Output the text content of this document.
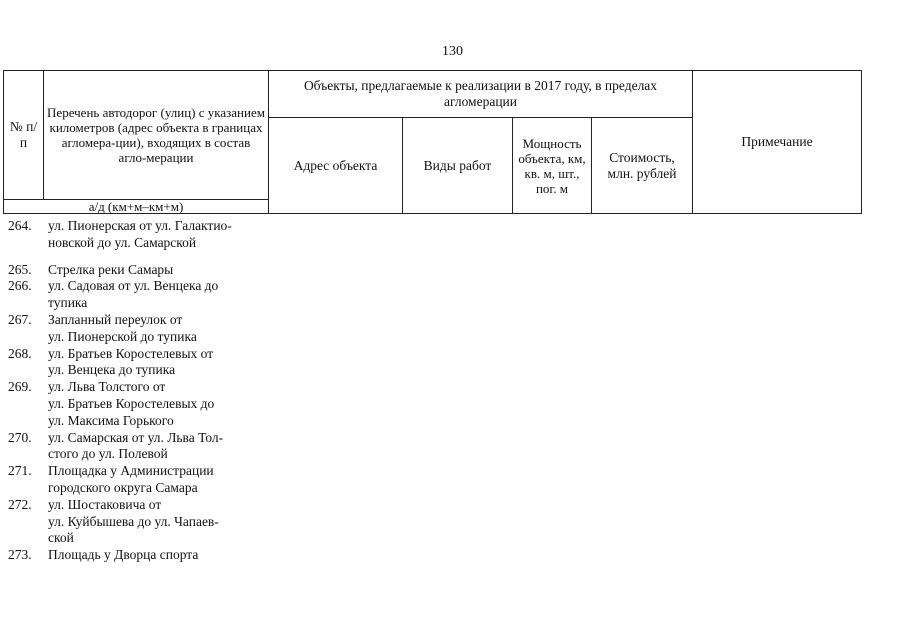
130
№ п/п	Перечень автодорог (улиц) с указанием километров (адрес объекта в границах агломера-ции), входящих в состав агло-мерации	Объекты, предлагаемые к реализации в 2017 году, в пределах агломерации				Примечание
		Адрес объекта	Виды работ	Мощность объекта, км, кв. м, шт., пог. м	Стоимость, млн. рублей	
а/д (км+м–км+м)						
264.	ул. Пионерская от ул. Галактио-
новской до ул. Самарской
265.	Стрелка реки Самары
266.	ул. Садовая от ул. Венцека до
тупика
267.	Запланный переулок от
ул. Пионерской до тупика
268.	ул. Братьев Коростелевых от
ул. Венцека до тупика
269.	ул. Льва Толстого от
ул. Братьев Коростелевых до
ул. Максима Горького
270.	ул. Самарская от ул. Льва Тол-
стого до ул. Полевой
271.	Площадка у Администрации
городского округа Самара
272.	ул. Шостаковича от
ул. Куйбышева до ул. Чапаев-
ской
273.	Площадь у Дворца спорта
